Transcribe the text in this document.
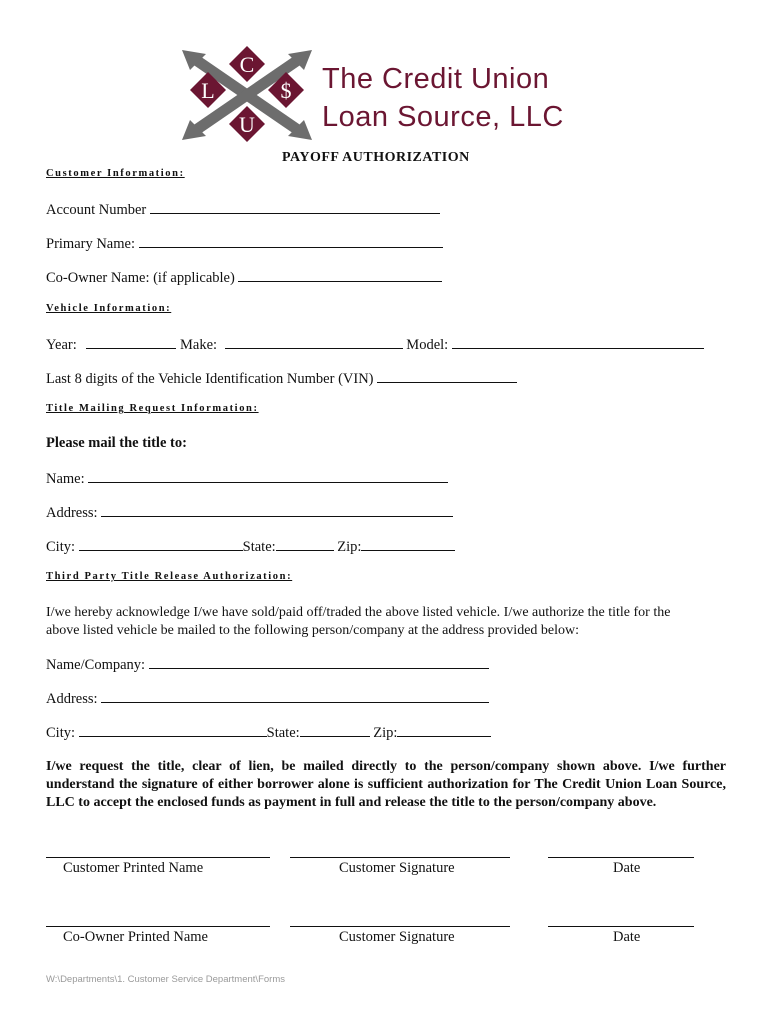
C
L	$
U
The Credit Union
Loan Source, LLC
PAYOFF AUTHORIZATION
Customer Information:
Account Number
Primary Name:
Co-Owner Name: (if applicable)
Vehicle Information:
Year:	Make:	Model:
Last 8 digits of the Vehicle Identification Number (VIN)
Title Mailing Request Information:
Please mail the title to:
Name:
Address:
City:	State:	Zip:
Third Party Title Release Authorization:
I/we hereby acknowledge I/we have sold/paid off/traded the above listed vehicle. I/we authorize the title for the
above listed vehicle be mailed to the following person/company at the address provided below:
Name/Company:
Address:
City:	State:	Zip:
I/we request the title, clear of lien, be mailed directly to the person/company shown above. I/we further understand the signature of either borrower alone is sufficient authorization for The Credit Union Loan Source, LLC to accept the enclosed funds as payment in full and release the title to the person/company above.
Customer Printed Name	Customer Signature	Date
Co-Owner Printed Name	Customer Signature	Date
W:\Departments\1. Customer Service Department\Forms
